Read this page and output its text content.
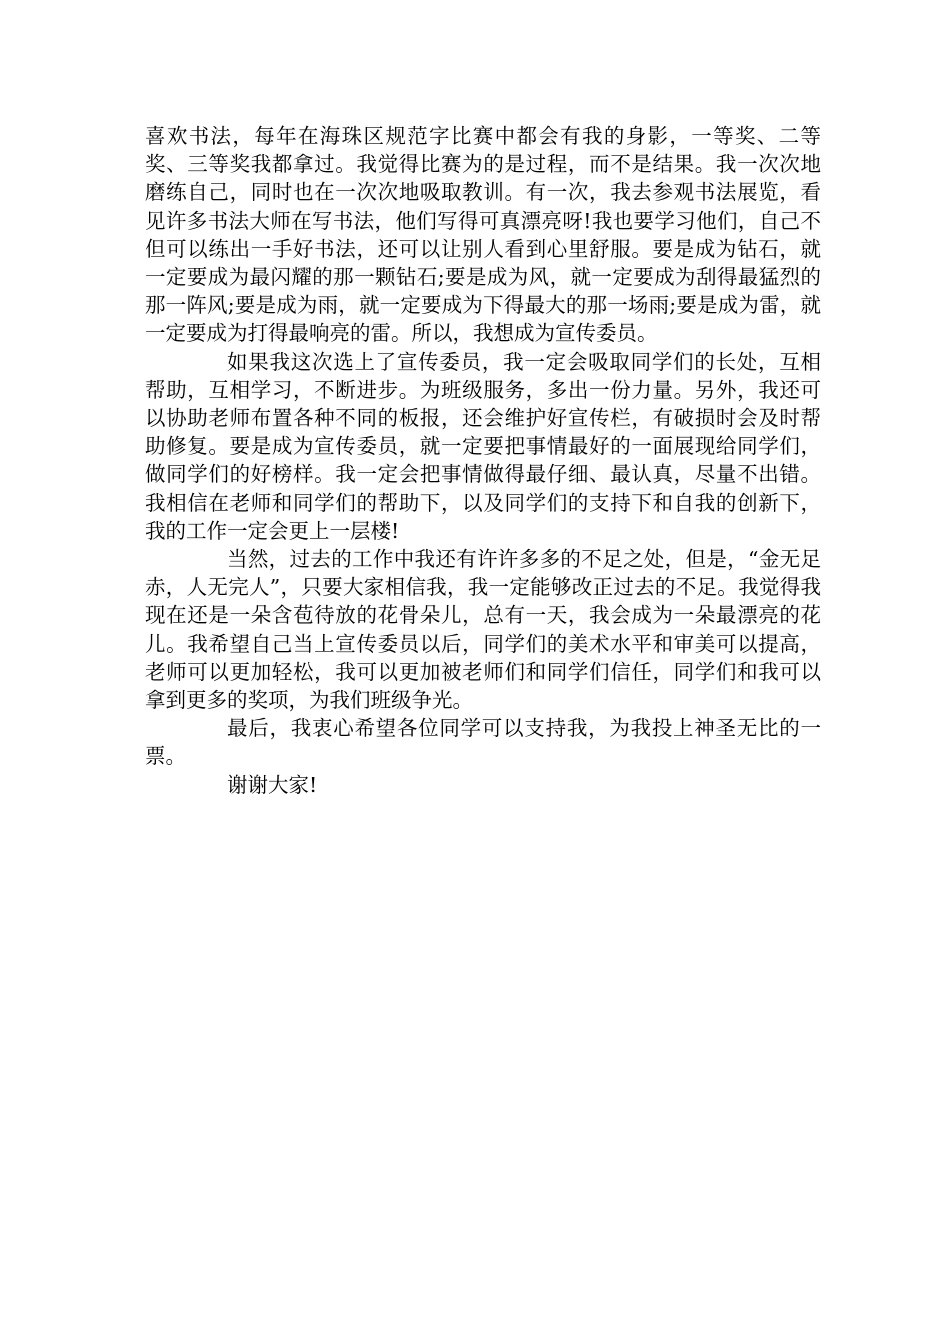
喜欢书法，每年在海珠区规范字比赛中都会有我的身影，一等奖、二等奖、三等奖我都拿过。我觉得比赛为的是过程，而不是结果。我一次次地磨练自己，同时也在一次次地吸取教训。有一次，我去参观书法展览，看见许多书法大师在写书法，他们写得可真漂亮呀!我也要学习他们，自己不但可以练出一手好书法，还可以让别人看到心里舒服。要是成为钻石，就一定要成为最闪耀的那一颗钻石;要是成为风，就一定要成为刮得最猛烈的那一阵风;要是成为雨，就一定要成为下得最大的那一场雨;要是成为雷，就一定要成为打得最响亮的雷。所以，我想成为宣传委员。

如果我这次选上了宣传委员，我一定会吸取同学们的长处，互相帮助，互相学习，不断进步。为班级服务，多出一份力量。另外，我还可以协助老师布置各种不同的板报，还会维护好宣传栏，有破损时会及时帮助修复。要是成为宣传委员，就一定要把事情最好的一面展现给同学们，做同学们的好榜样。我一定会把事情做得最仔细、最认真，尽量不出错。我相信在老师和同学们的帮助下，以及同学们的支持下和自我的创新下，我的工作一定会更上一层楼!

当然，过去的工作中我还有许许多多的不足之处，但是，“金无足赤，人无完人”，只要大家相信我，我一定能够改正过去的不足。我觉得我现在还是一朵含苞待放的花骨朵儿，总有一天，我会成为一朵最漂亮的花儿。我希望自己当上宣传委员以后，同学们的美术水平和审美可以提高，老师可以更加轻松，我可以更加被老师们和同学们信任，同学们和我可以拿到更多的奖项，为我们班级争光。

最后，我衷心希望各位同学可以支持我，为我投上神圣无比的一票。

谢谢大家!
